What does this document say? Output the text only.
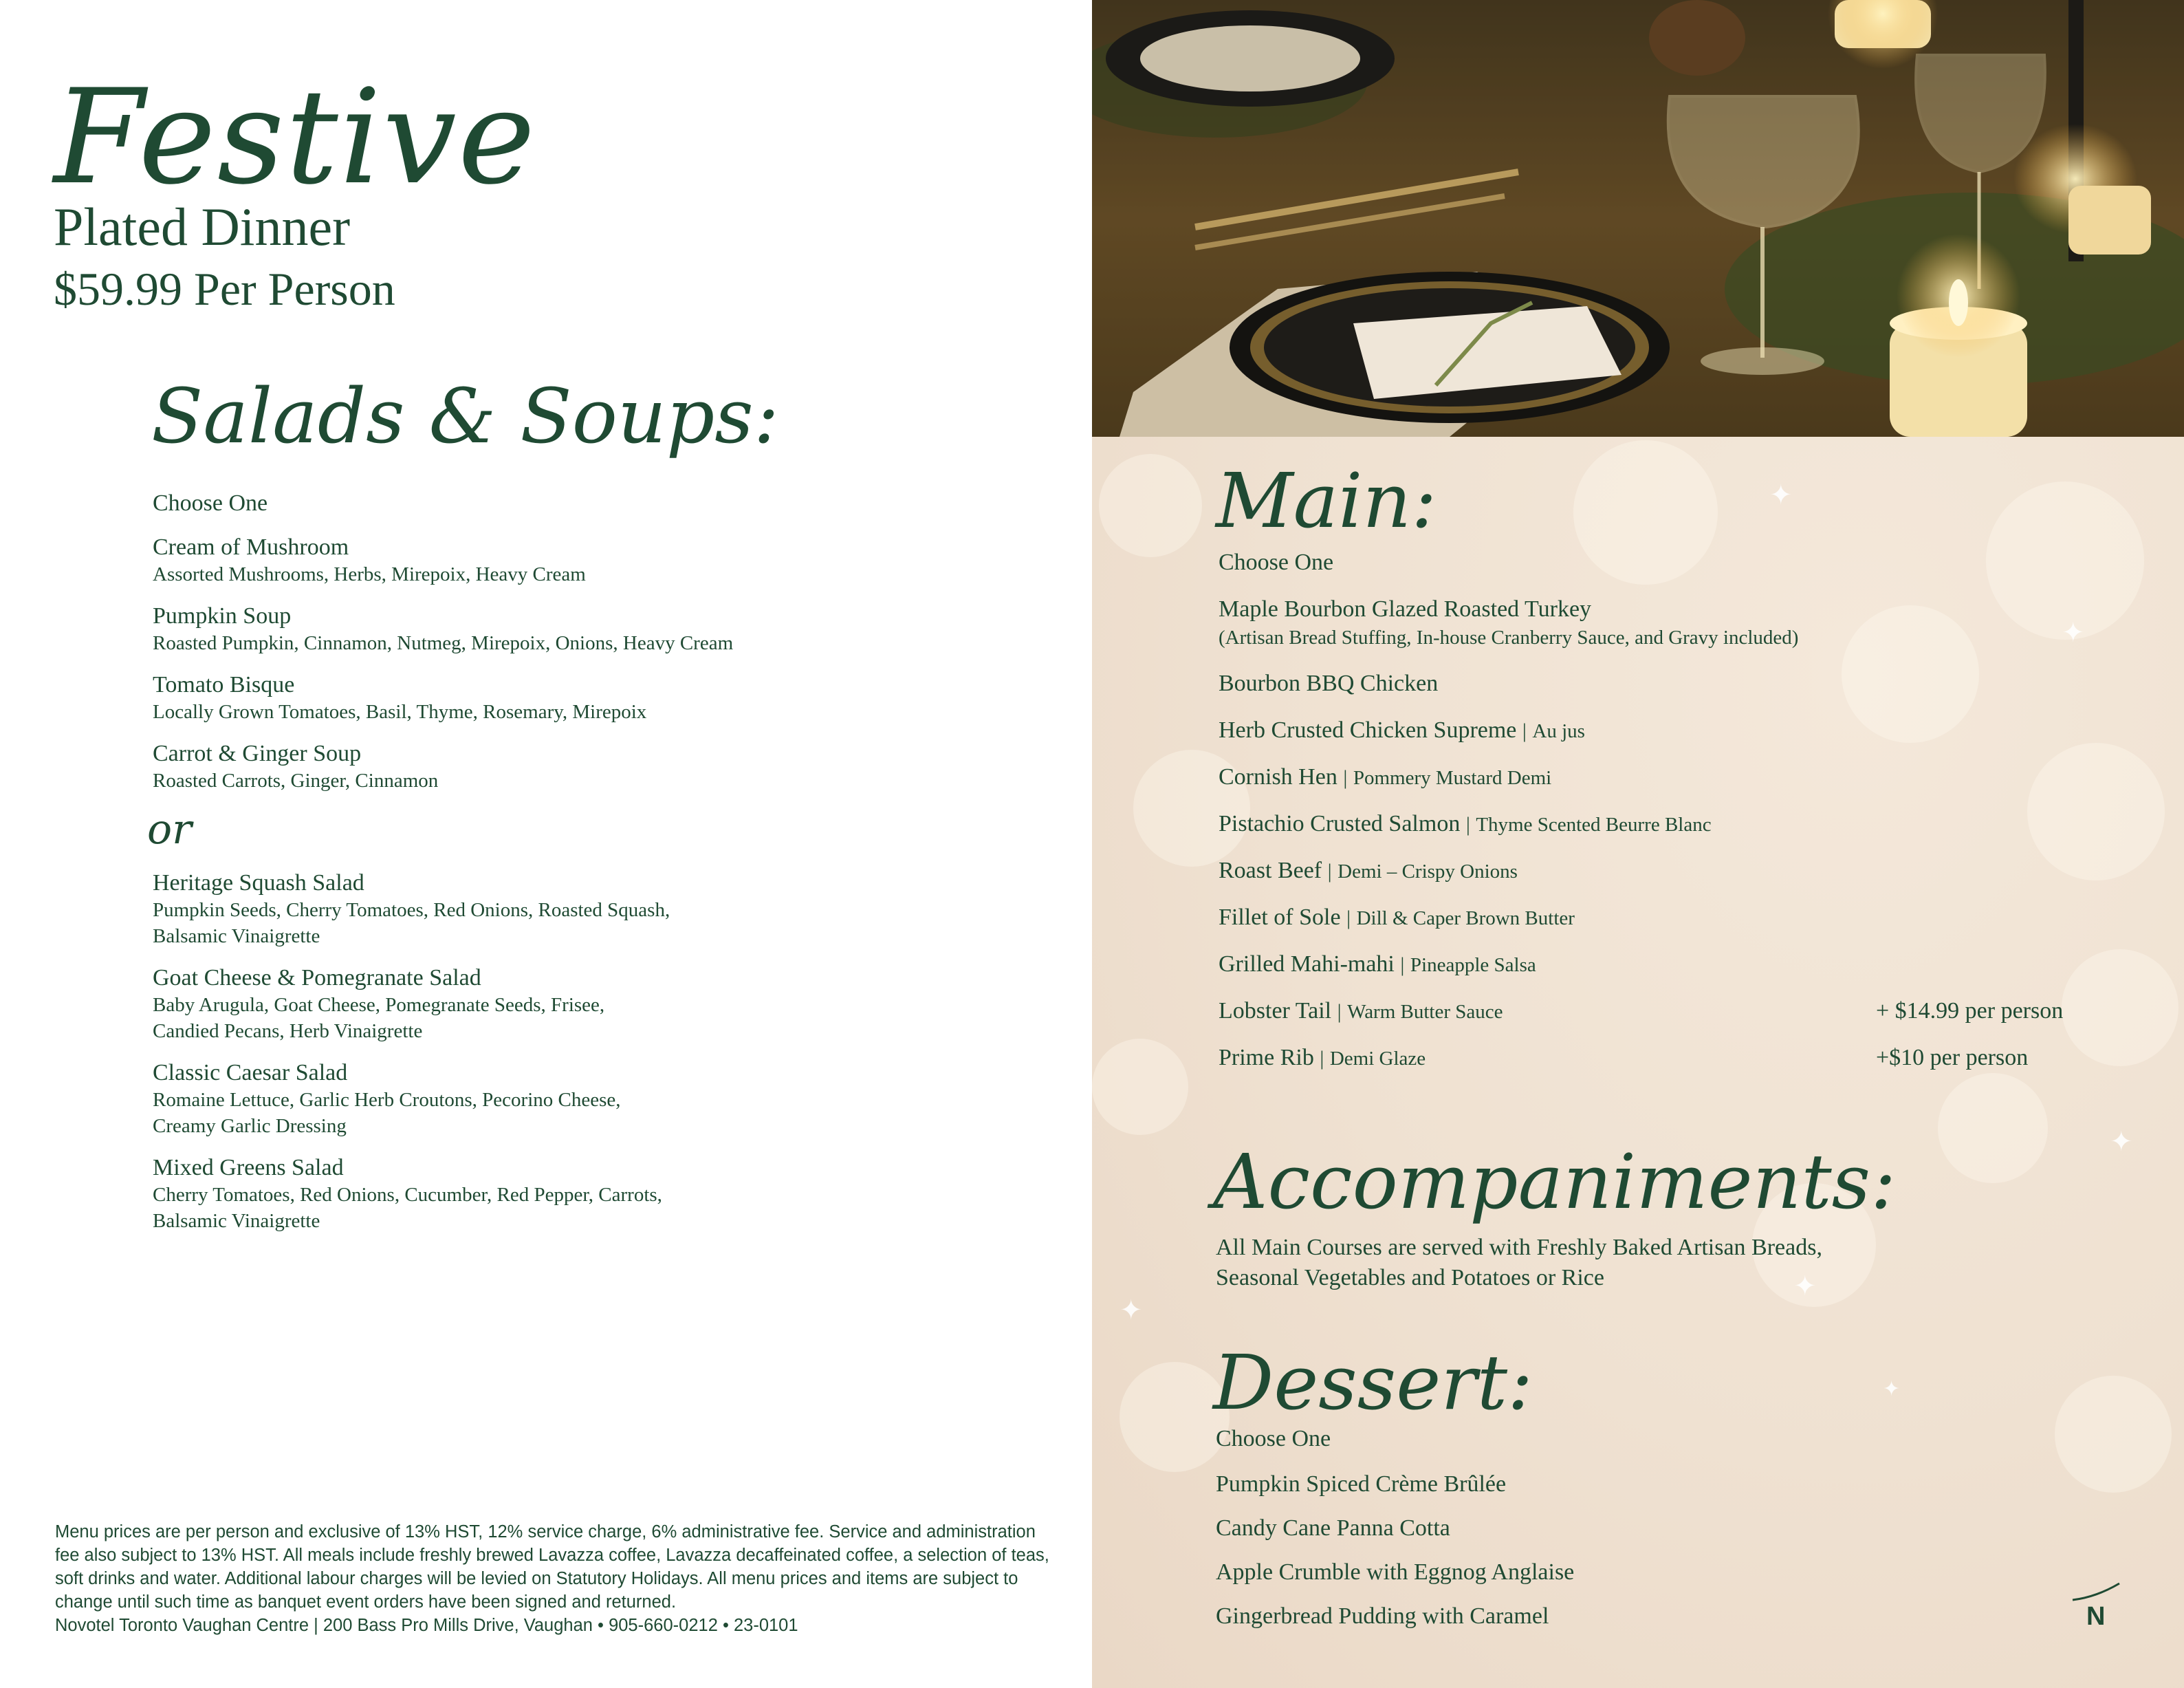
Festive
Plated Dinner
$59.99 Per Person
Salads & Soups:

Choose One

Cream of Mushroom

Assorted Mushrooms, Herbs, Mirepoix, Heavy Cream

Pumpkin Soup

Roasted Pumpkin, Cinnamon, Nutmeg, Mirepoix, Onions, Heavy Cream

Tomato Bisque

Locally Grown Tomatoes, Basil, Thyme, Rosemary, Mirepoix

Carrot & Ginger Soup

Roasted Carrots, Ginger, Cinnamon

or

Heritage Squash Salad

Pumpkin Seeds, Cherry Tomatoes, Red Onions, Roasted Squash,

Balsamic Vinaigrette

Goat Cheese & Pomegranate Salad

Baby Arugula, Goat Cheese, Pomegranate Seeds, Frisee,

Candied Pecans, Herb Vinaigrette

Classic Caesar Salad

Romaine Lettuce, Garlic Herb Croutons, Pecorino Cheese,

Creamy Garlic Dressing

Mixed Greens Salad

Cherry Tomatoes, Red Onions, Cucumber, Red Pepper, Carrots,

Balsamic Vinaigrette

Menu prices are per person and exclusive of 13% HST, 12% service charge, 6% administrative fee. Service and administration
fee also subject to 13% HST. All meals include freshly brewed Lavazza coffee, Lavazza decaffeinated coffee, a selection of teas,
soft drinks and water. Additional labour charges will be levied on Statutory Holidays. All menu prices and items are subject to
change until such time as banquet event orders have been signed and returned.
Novotel Toronto Vaughan Centre | 200 Bass Pro Mills Drive, Vaughan • 905-660-0212 • 23-0101
✦
✦
✦
✦
✦
✦
Main:
Choose One
Maple Bourbon Glazed Roasted Turkey
(Artisan Bread Stuffing, In-house Cranberry Sauce, and Gravy included)
Bourbon BBQ Chicken
Herb Crusted Chicken Supreme | Au jus
Cornish Hen | Pommery Mustard Demi
Pistachio Crusted Salmon | Thyme Scented Beurre Blanc
Roast Beef | Demi – Crispy Onions
Fillet of Sole | Dill & Caper Brown Butter
Grilled Mahi-mahi | Pineapple Salsa
Lobster Tail | Warm Butter Sauce	+ $14.99 per person
Prime Rib | Demi Glaze	+$10 per person
Accompaniments:
All Main Courses are served with Freshly Baked Artisan Breads,
Seasonal Vegetables and Potatoes or Rice
Dessert:
Choose One
Pumpkin Spiced Crème Brûlée
Candy Cane Panna Cotta
Apple Crumble with Eggnog Anglaise
Gingerbread Pudding with Caramel	N
